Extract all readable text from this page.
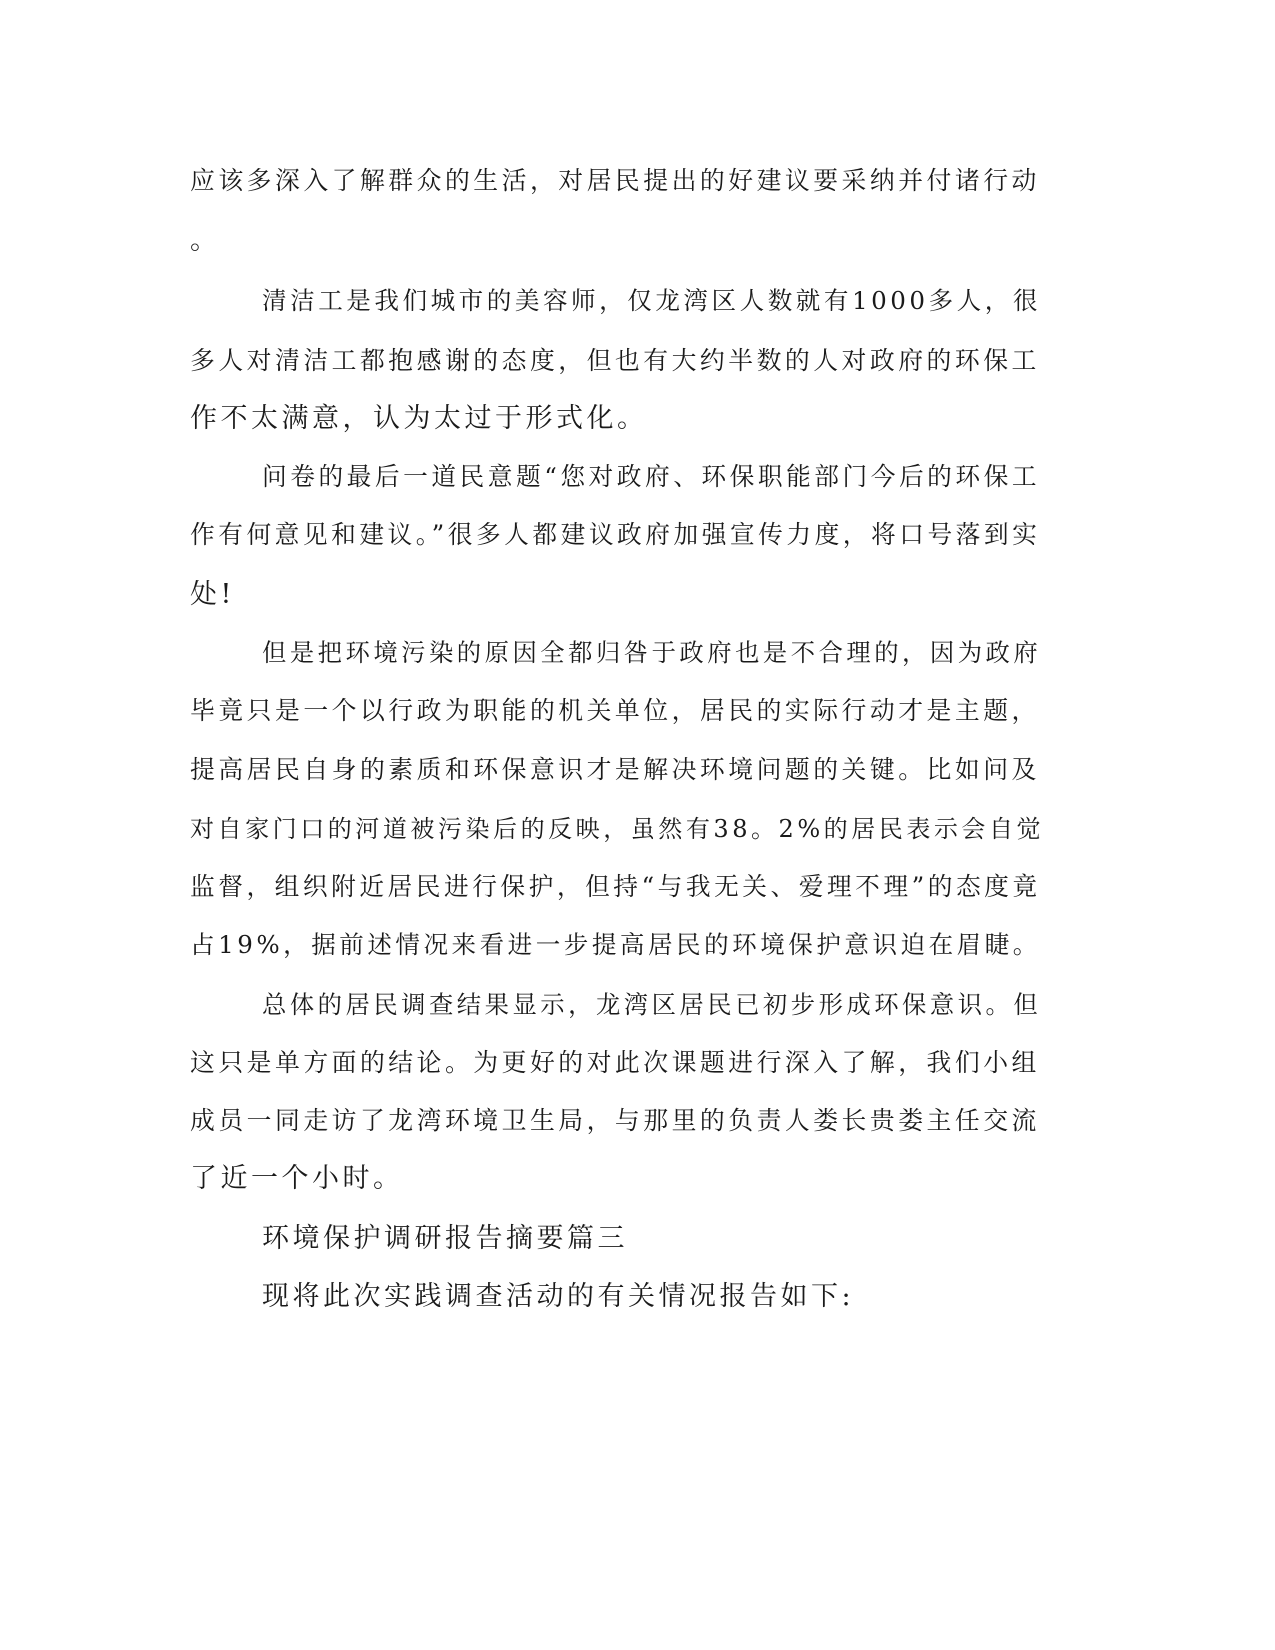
应该多深入了解群众的生活，对居民提出的好建议要采纳并付诸行动
。
清洁工是我们城市的美容师，仅龙湾区人数就有1000多人，很
多人对清洁工都抱感谢的态度，但也有大约半数的人对政府的环保工
作不太满意，认为太过于形式化。
问卷的最后一道民意题“您对政府、环保职能部门今后的环保工
作有何意见和建议。”很多人都建议政府加强宣传力度，将口号落到实
处!
但是把环境污染的原因全都归咎于政府也是不合理的，因为政府
毕竟只是一个以行政为职能的机关单位，居民的实际行动才是主题，
提高居民自身的素质和环保意识才是解决环境问题的关键。比如问及
对自家门口的河道被污染后的反映，虽然有38。2%的居民表示会自觉
监督，组织附近居民进行保护，但持“与我无关、爱理不理”的态度竟
占19%，据前述情况来看进一步提高居民的环境保护意识迫在眉睫。
总体的居民调查结果显示，龙湾区居民已初步形成环保意识。但
这只是单方面的结论。为更好的对此次课题进行深入了解，我们小组
成员一同走访了龙湾环境卫生局，与那里的负责人娄长贵娄主任交流
了近一个小时。
环境保护调研报告摘要篇三
现将此次实践调查活动的有关情况报告如下:
